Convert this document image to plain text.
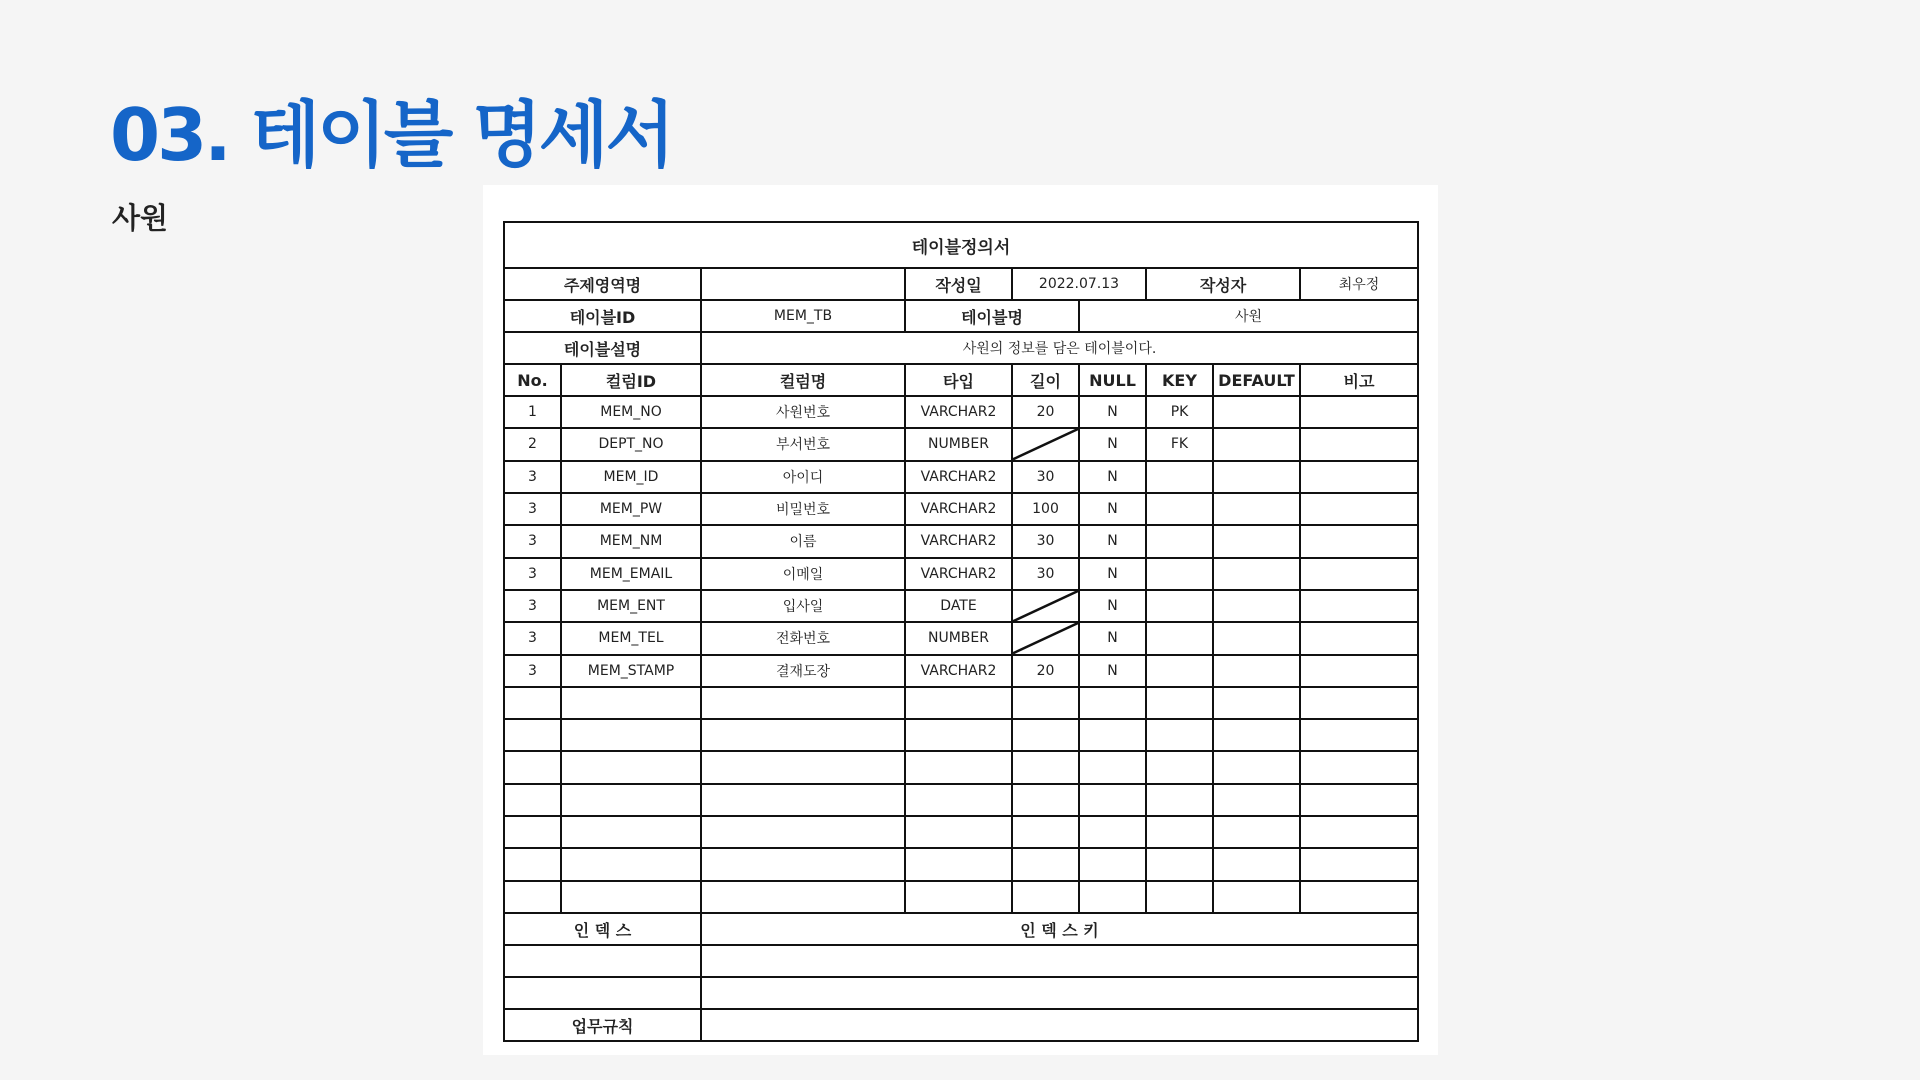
03. 테이블 명세서
사원
테이블정의서								
주제영역명			작성일	2022.07.13		작성자		최우정
테이블ID		MEM_TB	테이블명		사원			
테이블설명		사원의 정보를 담은 테이블이다.						
No.	컬럼ID	컬럼명	타입	길이	NULL	KEY	DEFAULT	비고
1	MEM_NO	사원번호	VARCHAR2	20	N	PK		
2	DEPT_NO	부서번호	NUMBER		N	FK		
3	MEM_ID	아이디	VARCHAR2	30	N			
3	MEM_PW	비밀번호	VARCHAR2	100	N			
3	MEM_NM	이름	VARCHAR2	30	N			
3	MEM_EMAIL	이메일	VARCHAR2	30	N			
3	MEM_ENT	입사일	DATE		N			
3	MEM_TEL	전화번호	NUMBER		N			
3	MEM_STAMP	결재도장	VARCHAR2	20	N			

인 덱 스		인 덱 스 키						

업무규칙								
